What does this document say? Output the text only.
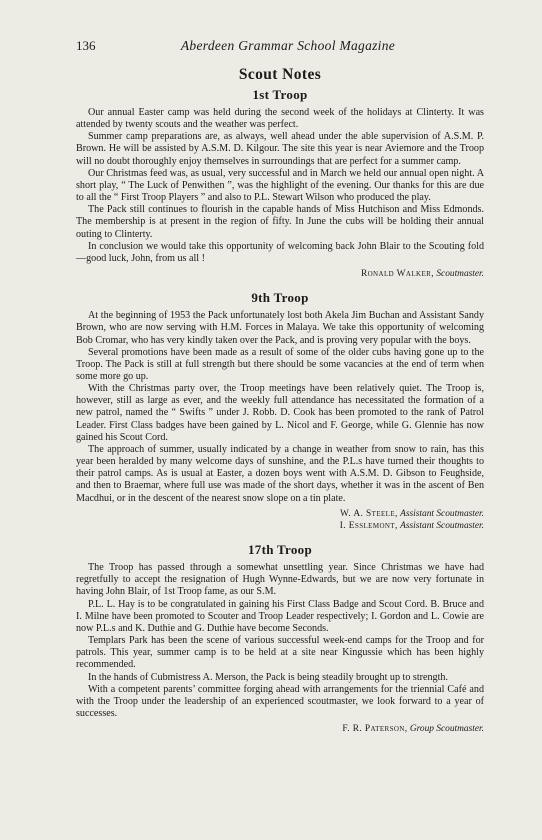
136	Aberdeen Grammar School Magazine
Scout Notes
1st Troop

Our annual Easter camp was held during the second week of the holidays at Clinterty. It was attended by twenty scouts and the weather was perfect.

Summer camp preparations are, as always, well ahead under the able supervision of A.S.M. P. Brown. He will be assisted by A.S.M. D. Kilgour. The site this year is near Aviemore and the Troop will no doubt thoroughly enjoy themselves in surroundings that are perfect for a summer camp.

Our Christmas feed was, as usual, very successful and in March we held our annual open night. A short play, “ The Luck of Penwithen ”, was the highlight of the evening. Our thanks for this are due to all the “ First Troop Players ” and also to P.L. Stewart Wilson who produced the play.

The Pack still continues to flourish in the capable hands of Miss Hutchison and Miss Edmonds. The membership is at present in the region of fifty. In June the cubs will be holding their annual outing to Clinterty.

In conclusion we would take this opportunity of welcoming back John Blair to the Scouting fold—good luck, John, from us all !

Ronald Walker, Scoutmaster.
9th Troop

At the beginning of 1953 the Pack unfortunately lost both Akela Jim Buchan and Assistant Sandy Brown, who are now serving with H.M. Forces in Malaya. We take this opportunity of welcoming Bob Cromar, who has very kindly taken over the Pack, and is proving very popular with the boys.

Several promotions have been made as a result of some of the older cubs having gone up to the Troop. The Pack is still at full strength but there should be some vacancies at the end of term when some more go up.

With the Christmas party over, the Troop meetings have been relatively quiet. The Troop is, however, still as large as ever, and the weekly full attendance has necessitated the formation of a new patrol, named the “ Swifts ” under J. Robb. D. Cook has been promoted to the rank of Patrol Leader. First Class badges have been gained by L. Nicol and F. George, while G. Glennie has now gained his Scout Cord.

The approach of summer, usually indicated by a change in weather from snow to rain, has this year been heralded by many welcome days of sunshine, and the P.L.s have turned their thoughts to their patrol camps. As is usual at Easter, a dozen boys went with A.S.M. D. Gibson to Feughside, and then to Braemar, where full use was made of the short days, whether it was in the ascent of Ben Macdhui, or in the descent of the nearest snow slope on a tin plate.

W. A. Steele, Assistant Scoutmaster.
I. Esslemont, Assistant Scoutmaster.
17th Troop

The Troop has passed through a somewhat unsettling year. Since Christmas we have had regretfully to accept the resignation of Hugh Wynne-Edwards, but we are now very fortunate in having John Blair, of 1st Troop fame, as our S.M.

P.L. L. Hay is to be congratulated in gaining his First Class Badge and Scout Cord. B. Bruce and I. Milne have been promoted to Scouter and Troop Leader respectively; I. Gordon and L. Cowie are now P.L.s and K. Duthie and G. Duthie have become Seconds.

Templars Park has been the scene of various successful week-end camps for the Troop and for patrols. This year, summer camp is to be held at a site near Kingussie which has been highly recommended.

In the hands of Cubmistress A. Merson, the Pack is being steadily brought up to strength.

With a competent parents’ committee forging ahead with arrangements for the triennial Café and with the Troop under the leadership of an experienced scoutmaster, we look forward to a year of successes.

F. R. Paterson, Group Scoutmaster.
